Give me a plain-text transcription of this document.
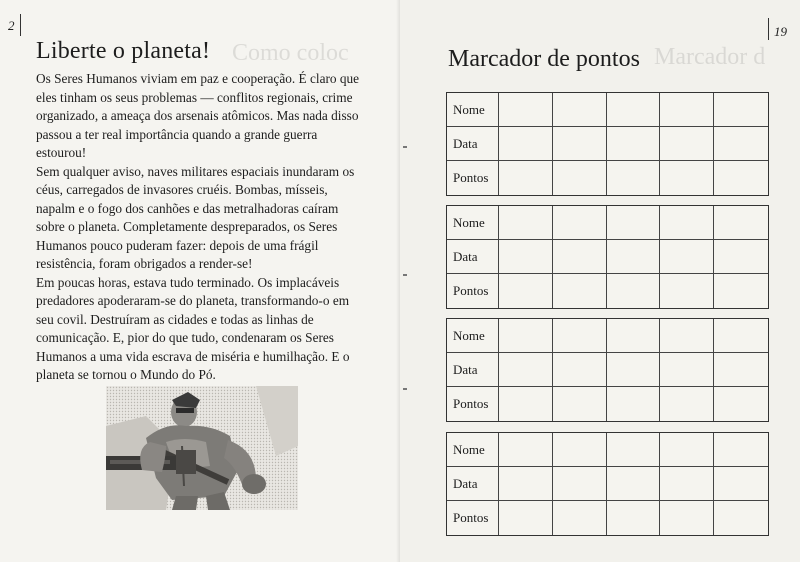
Como coloc
2
Liberte o planeta!

Os Seres Humanos viviam em paz e cooperação. É claro que eles tinham os seus problemas — conflitos regionais, crime organizado, a ameaça dos arsenais atômicos. Mas nada disso passou a ter real importância quando a grande guerra estourou!

Sem qualquer aviso, naves militares espaciais inundaram os céus, carregados de invasores cruéis. Bombas, mísseis, napalm e o fogo dos canhões e das metralhadoras caíram sobre o planeta. Completamente despreparados, os Seres Humanos pouco puderam fazer: depois de uma frágil resistência, foram obrigados a render-se!

Em poucas horas, estava tudo terminado. Os implacáveis predadores apoderaram-se do planeta, transformando-o em seu covil. Destruíram as cidades e todas as linhas de comunicação. E, pior do que tudo, condenaram os Seres Humanos a uma vida escrava de miséria e humilhação. E o planeta se tornou o Mundo do Pó.

Marcador d
19
Marcador de pontos
Nome
Data
Pontos
Nome
Data
Pontos
Nome
Data
Pontos
Nome
Data
Pontos
